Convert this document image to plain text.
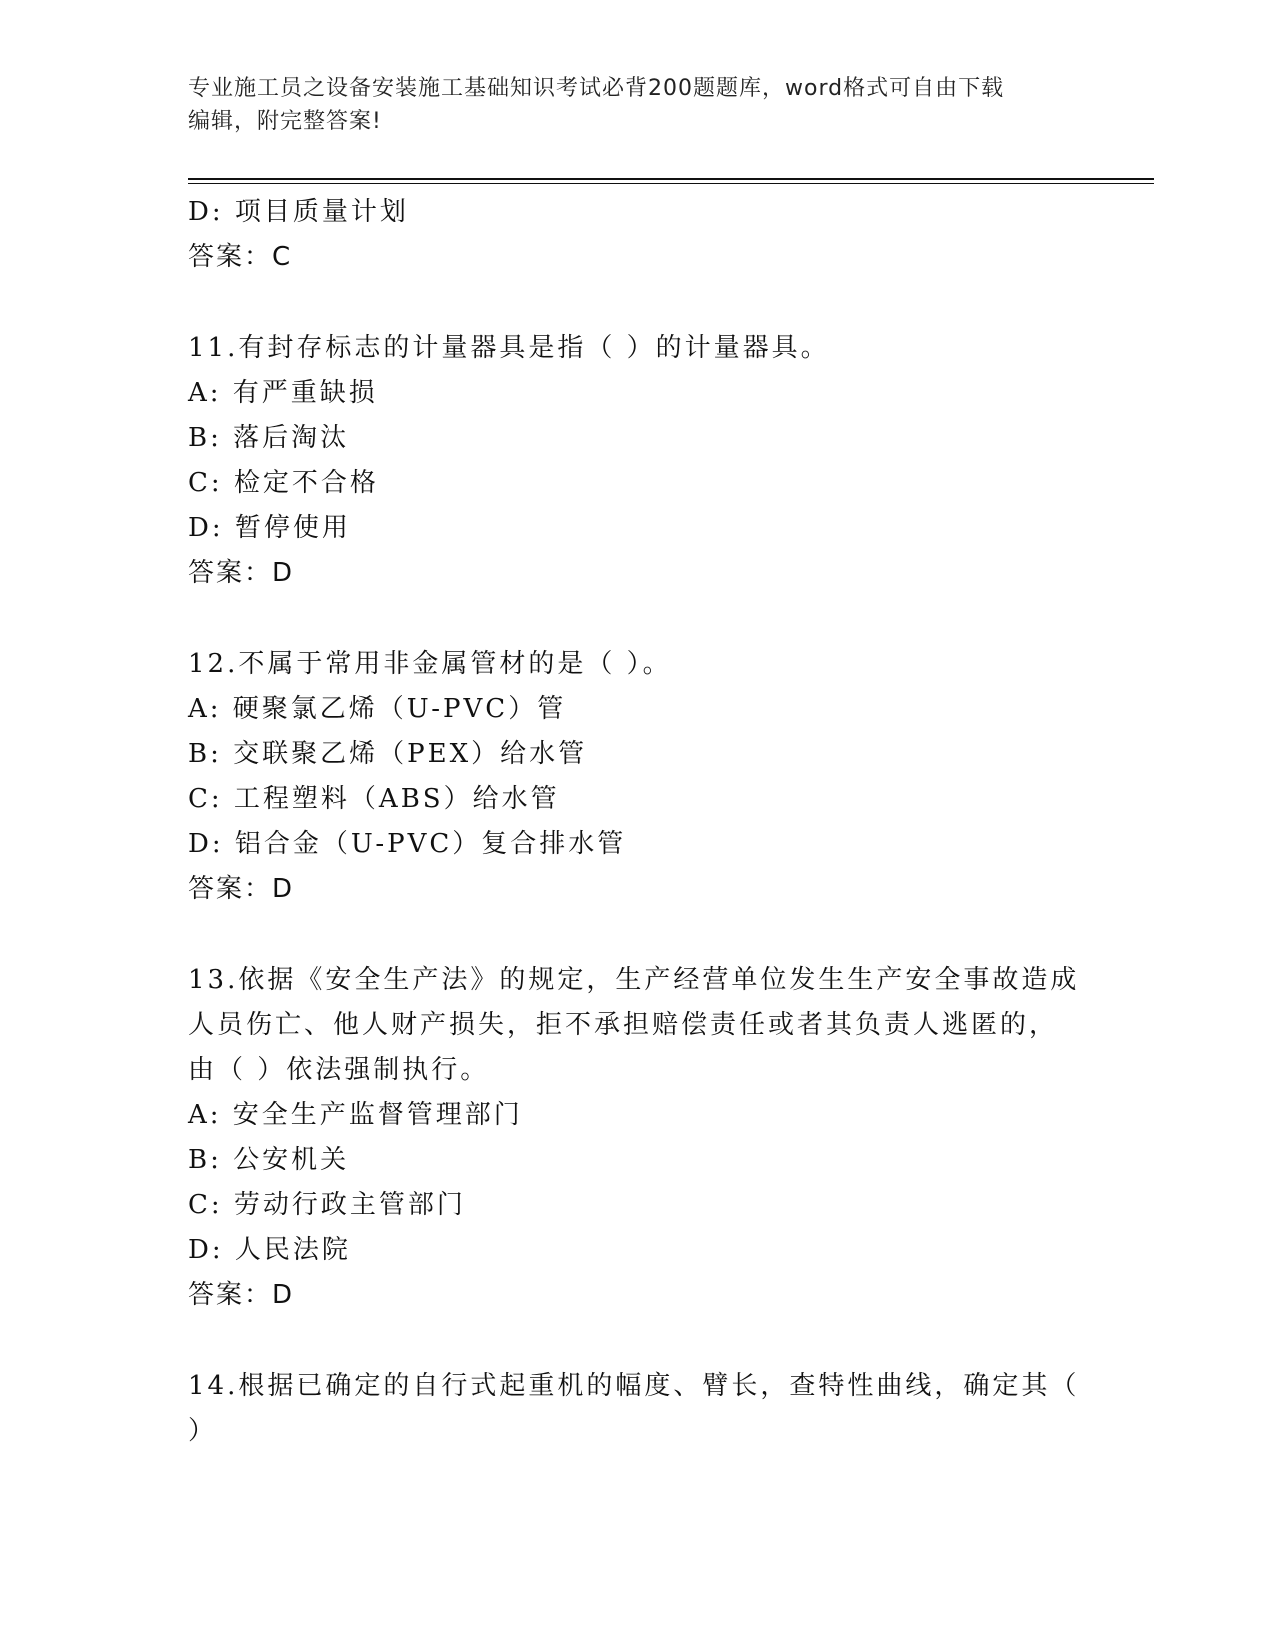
专业施工员之设备安装施工基础知识考试必背200题题库，word格式可自由下载
编辑，附完整答案!
D: 项目质量计划
答案：C
11.有封存标志的计量器具是指（ ）的计量器具。
A: 有严重缺损
B: 落后淘汰
C: 检定不合格
D: 暂停使用
答案：D
12.不属于常用非金属管材的是（ ）。
A: 硬聚氯乙烯（U-PVC）管
B: 交联聚乙烯（PEX）给水管
C: 工程塑料（ABS）给水管
D: 铝合金（U-PVC）复合排水管
答案：D
13.依据《安全生产法》的规定，生产经营单位发生生产安全事故造成
人员伤亡、他人财产损失，拒不承担赔偿责任或者其负责人逃匿的，
由（ ）依法强制执行。
A: 安全生产监督管理部门
B: 公安机关
C: 劳动行政主管部门
D: 人民法院
答案：D
14.根据已确定的自行式起重机的幅度、臂长，查特性曲线，确定其（
）
